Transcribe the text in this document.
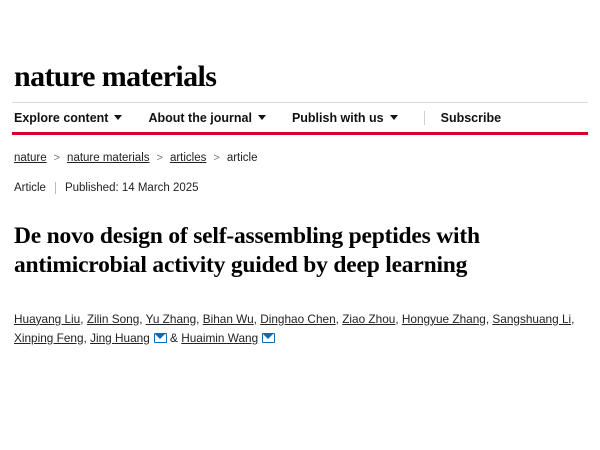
nature materials
Explore content	About the journal	Publish with us	Subscribe
nature > nature materials > articles > article
Article Published: 14 March 2025
De novo design of self-assembling peptides with antimicrobial activity guided by deep learning
Huayang Liu, Zilin Song, Yu Zhang, Bihan Wu, Dinghao Chen, Ziao Zhou, Hongyue Zhang, Sangshuang Li, Xinping Feng, Jing Huang & Huaimin Wang
